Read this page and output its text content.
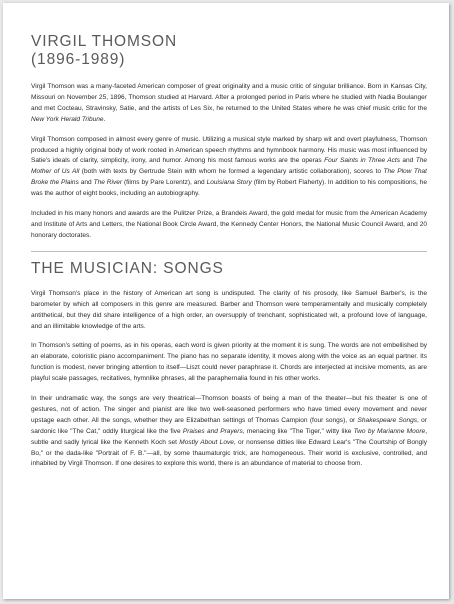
VIRGIL THOMSON
(1896-1989)

Virgil Thomson was a many-faceted American composer of great originality and a music critic of singular brilliance. Born in Kansas City, Missouri on November 25, 1896, Thomson studied at Harvard. After a prolonged period in Paris where he studied with Nadia Boulanger and met Cocteau, Stravinsky, Satie, and the artists of Les Six, he returned to the United States where he was chief music critic for the New York Herald Tribune.

Virgil Thomson composed in almost every genre of music. Utilizing a musical style marked by sharp wit and overt playfulness, Thomson produced a highly original body of work rooted in American speech rhythms and hymnbook harmony. His music was most influenced by Satie's ideals of clarity, simplicity, irony, and humor. Among his most famous works are the operas Four Saints in Three Acts and The Mother of Us All (both with texts by Gertrude Stein with whom he formed a legendary artistic collaboration), scores to The Plow That Broke the Plains and The River (films by Pare Lorentz), and Louisiana Story (film by Robert Flaherty). In addition to his compositions, he was the author of eight books, including an autobiography.

Included in his many honors and awards are the Pulitzer Prize, a Brandeis Award, the gold medal for music from the American Academy and Institute of Arts and Letters, the National Book Circle Award, the Kennedy Center Honors, the National Music Council Award, and 20 honorary doctorates.

THE MUSICIAN: SONGS

Virgil Thomson's place in the history of American art song is undisputed. The clarity of his prosody, like Samuel Barber's, is the barometer by which all composers in this genre are measured. Barber and Thomson were temperamentally and musically completely antithetical, but they did share intelligence of a high order, an oversupply of trenchant, sophisticated wit, a profound love of language, and an illimitable knowledge of the arts.

In Thomson's setting of poems, as in his operas, each word is given priority at the moment it is sung. The words are not embellished by an elaborate, coloristic piano accompaniment. The piano has no separate identity, it moves along with the voice as an equal partner. Its function is modest, never bringing attention to itself—Liszt could never paraphrase it. Chords are interjected at incisive moments, as are playful scale passages, recitatives, hymnlike phrases, all the paraphernalia found in his other works.

In their undramatic way, the songs are very theatrical—Thomson boasts of being a man of the theater—but his theater is one of gestures, not of action. The singer and pianist are like two well-seasoned performers who have timed every movement and never upstage each other. All the songs, whether they are Elizabethan settings of Thomas Campion (four songs), or Shakespeare Songs, or sardonic like "The Cat," oddly liturgical like the five Praises and Prayers, menacing like "The Tiger," witty like Two by Marianne Moore, subtle and sadly lyrical like the Kenneth Koch set Mostly About Love, or nonsense ditties like Edward Lear's "The Courtship of Bongly Bo," or the dada-like "Portrait of F. B."—all, by some thaumaturgic trick, are homogeneous. Their world is exclusive, controlled, and inhabited by Virgil Thomson. If one desires to explore this world, there is an abundance of material to choose from.
